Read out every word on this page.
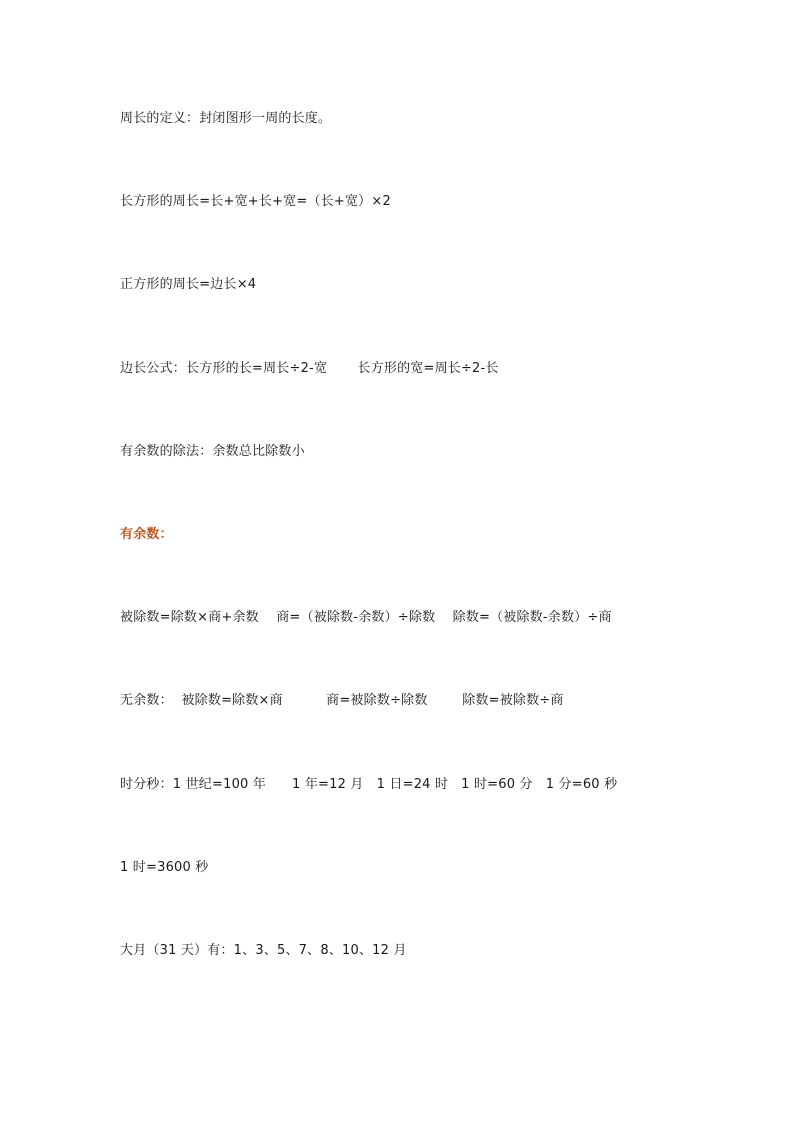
周长的定义：封闭图形一周的长度。
长方形的周长=长+宽+长+宽=（长+宽）×2
正方形的周长=边长×4
边长公式：长方形的长=周长÷2-宽       长方形的宽=周长÷2-长
有余数的除法：余数总比除数小
有余数：
被除数=除数×商+余数    商=（被除数-余数）÷除数    除数=（被除数-余数）÷商
无余数：  被除数=除数×商          商=被除数÷除数        除数=被除数÷商
时分秒：1 世纪=100 年      1 年=12 月   1 日=24 时   1 时=60 分   1 分=60 秒
1 时=3600 秒
大月（31 天）有：1、3、5、7、8、10、12 月
